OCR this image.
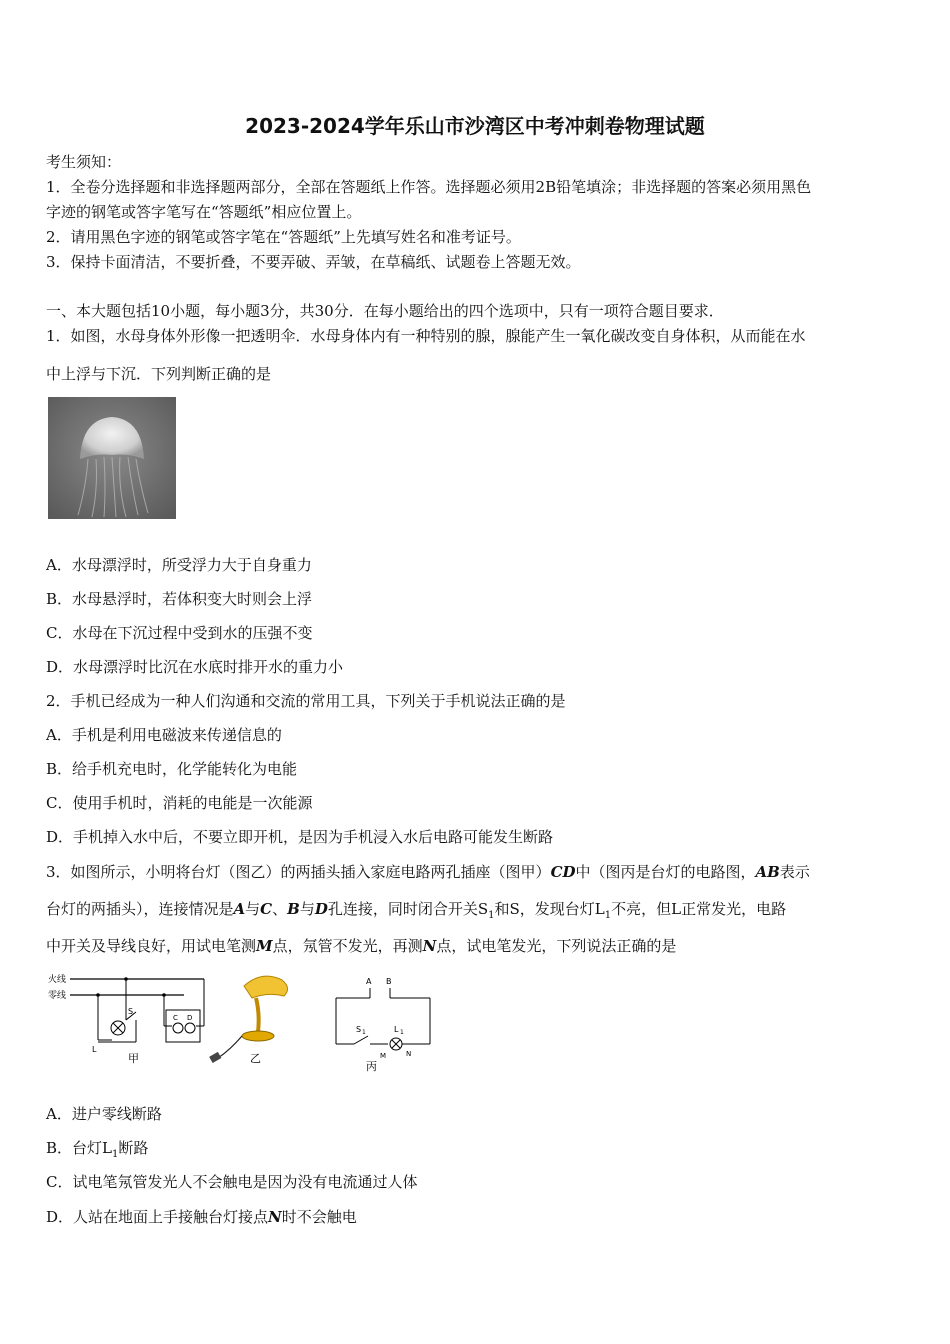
2023-2024学年乐山市沙湾区中考冲刺卷物理试题
考生须知：
1．全卷分选择题和非选择题两部分，全部在答题纸上作答。选择题必须用2B铅笔填涂；非选择题的答案必须用黑色
字迹的钢笔或答字笔写在“答题纸”相应位置上。
2．请用黑色字迹的钢笔或答字笔在“答题纸”上先填写姓名和准考证号。
3．保持卡面清洁，不要折叠，不要弄破、弄皱，在草稿纸、试题卷上答题无效。
一、本大题包括10小题，每小题3分，共30分．在每小题给出的四个选项中，只有一项符合题目要求．
1．如图，水母身体外形像一把透明伞．水母身体内有一种特别的腺，腺能产生一氧化碳改变自身体积，从而能在水
中上浮与下沉．下列判断正确的是
A．水母漂浮时，所受浮力大于自身重力
B．水母悬浮时，若体积变大时则会上浮
C．水母在下沉过程中受到水的压强不变
D．水母漂浮时比沉在水底时排开水的重力小
2．手机已经成为一种人们沟通和交流的常用工具，下列关于手机说法正确的是
A．手机是利用电磁波来传递信息的
B．给手机充电时，化学能转化为电能
C．使用手机时，消耗的电能是一次能源
D．手机掉入水中后，不要立即开机，是因为手机浸入水后电路可能发生断路
3．如图所示，小明将台灯（图乙）的两插头插入家庭电路两孔插座（图甲）CD中（图丙是台灯的电路图，AB表示
台灯的两插头），连接情况是A与C、B与D孔连接，同时闭合开关$S_1$和S，发现台灯$L_1$不亮，但L正常发光，电路
中开关及导线良好，用试电笔测M点，氖管不发光，再测N点，试电笔发光，下列说法正确的是
火线
零线
S
L
C D
甲	乙
A B
S 1	L 1
M	N
丙
A．进户零线断路
B．台灯$L_1$断路
C．试电笔氖管发光人不会触电是因为没有电流通过人体
D．人站在地面上手接触台灯接点N时不会触电
